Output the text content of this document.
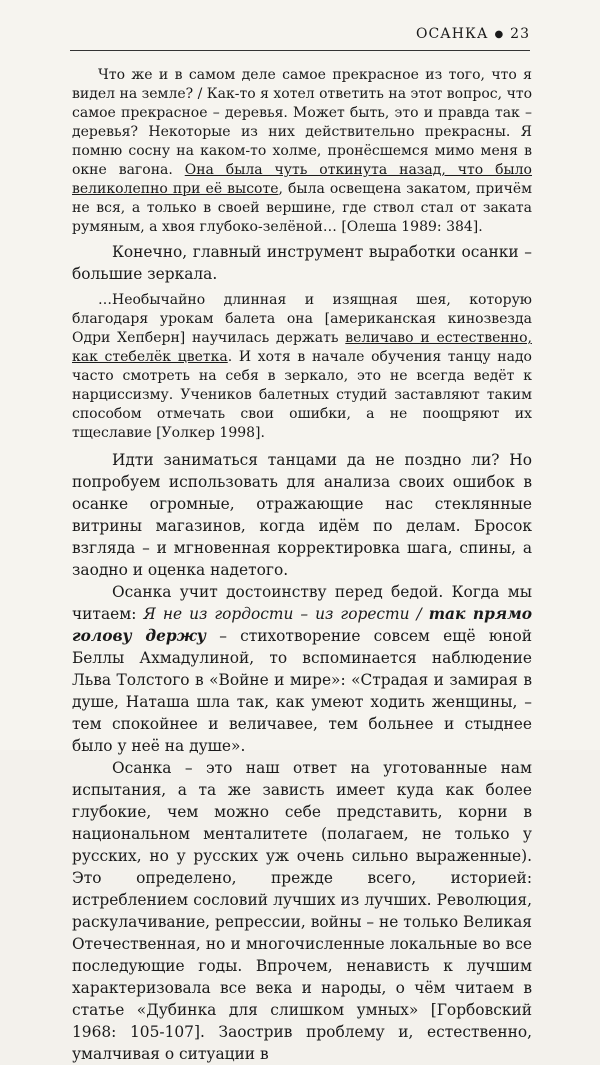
ОСАНКА ● 23

Что же и в самом деле самое прекрасное из того, что я видел на земле? / Как-то я хотел ответить на этот вопрос, что самое прекрасное – деревья. Может быть, это и правда так – деревья? Некоторые из них действительно прекрасны. Я помню сосну на каком-то холме, пронёсшемся мимо меня в окне вагона. Она была чуть откинута назад, что было великолепно при её высоте, была освещена закатом, причём не вся, а только в своей вершине, где ствол стал от заката румяным, а хвоя глубоко-зелёной… [Олеша 1989: 384].

Конечно, главный инструмент выработки осанки – большие зеркала.

…Необычайно длинная и изящная шея, которую благодаря урокам балета она [американская кинозвезда Одри Хепберн] научилась держать величаво и естественно, как стебелёк цветка. И хотя в начале обучения танцу надо часто смотреть на себя в зеркало, это не всегда ведёт к нарциссизму. Учеников балетных студий заставляют таким способом отмечать свои ошибки, а не поощряют их тщеславие [Уолкер 1998].

Идти заниматься танцами да не поздно ли? Но попробуем использовать для анализа своих ошибок в осанке огромные, отражающие нас стеклянные витрины магазинов, когда идём по делам. Бросок взгляда – и мгновенная корректировка шага, спины, а заодно и оценка надетого.

Осанка учит достоинству перед бедой. Когда мы читаем: Я не из гордости – из горести / так прямо голову держу – стихотворение совсем ещё юной Беллы Ахмадулиной, то вспоминается наблюдение Льва Толстого в «Войне и мире»: «Страдая и замирая в душе, Наташа шла так, как умеют ходить женщины, – тем спокойнее и величавее, тем больнее и стыднее было у неё на душе».

Осанка – это наш ответ на уготованные нам испытания, а та же зависть имеет куда как более глубокие, чем можно себе представить, корни в национальном менталитете (полагаем, не только у русских, но у русских уж очень сильно выраженные). Это определено, прежде всего, историей: истреблением сословий лучших из лучших. Революция, раскулачивание, репрессии, войны – не только Великая Отечественная, но и многочисленные локальные во все последующие годы. Впрочем, ненависть к лучшим характеризовала все века и народы, о чём читаем в статье «Дубинка для слишком умных» [Горбовский 1968: 105-107]. Заострив проблему и, естественно, умалчивая о ситуации в
